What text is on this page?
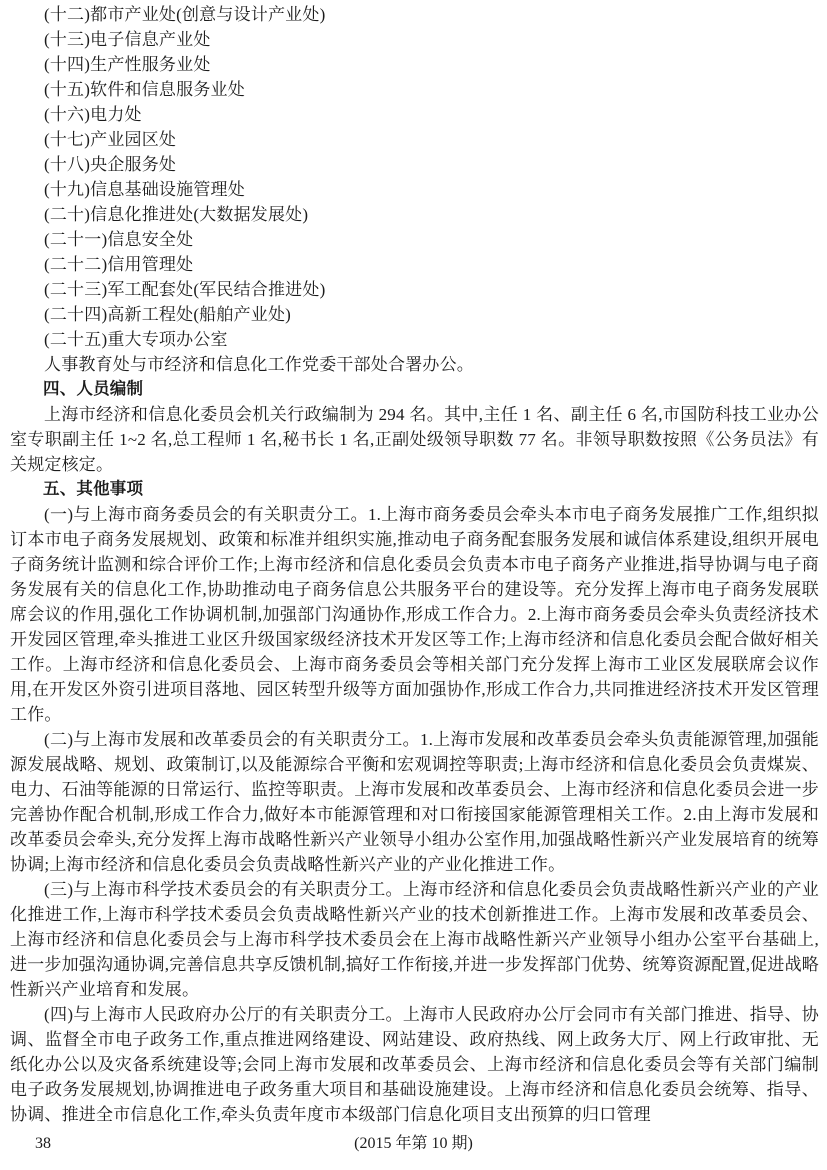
(十二)都市产业处(创意与设计产业处)
(十三)电子信息产业处
(十四)生产性服务业处
(十五)软件和信息服务业处
(十六)电力处
(十七)产业园区处
(十八)央企服务处
(十九)信息基础设施管理处
(二十)信息化推进处(大数据发展处)
(二十一)信息安全处
(二十二)信用管理处
(二十三)军工配套处(军民结合推进处)
(二十四)高新工程处(船舶产业处)
(二十五)重大专项办公室
人事教育处与市经济和信息化工作党委干部处合署办公。
四、人员编制
上海市经济和信息化委员会机关行政编制为 294 名。其中,主任 1 名、副主任 6 名,市国防科技工业办公室专职副主任 1~2 名,总工程师 1 名,秘书长 1 名,正副处级领导职数 77 名。非领导职数按照《公务员法》有关规定核定。
五、其他事项
(一)与上海市商务委员会的有关职责分工。1.上海市商务委员会牵头本市电子商务发展推广工作,组织拟订本市电子商务发展规划、政策和标准并组织实施,推动电子商务配套服务发展和诚信体系建设,组织开展电子商务统计监测和综合评价工作;上海市经济和信息化委员会负责本市电子商务产业推进,指导协调与电子商务发展有关的信息化工作,协助推动电子商务信息公共服务平台的建设等。充分发挥上海市电子商务发展联席会议的作用,强化工作协调机制,加强部门沟通协作,形成工作合力。2.上海市商务委员会牵头负责经济技术开发园区管理,牵头推进工业区升级国家级经济技术开发区等工作;上海市经济和信息化委员会配合做好相关工作。上海市经济和信息化委员会、上海市商务委员会等相关部门充分发挥上海市工业区发展联席会议作用,在开发区外资引进项目落地、园区转型升级等方面加强协作,形成工作合力,共同推进经济技术开发区管理工作。
(二)与上海市发展和改革委员会的有关职责分工。1.上海市发展和改革委员会牵头负责能源管理,加强能源发展战略、规划、政策制订,以及能源综合平衡和宏观调控等职责;上海市经济和信息化委员会负责煤炭、电力、石油等能源的日常运行、监控等职责。上海市发展和改革委员会、上海市经济和信息化委员会进一步完善协作配合机制,形成工作合力,做好本市能源管理和对口衔接国家能源管理相关工作。2.由上海市发展和改革委员会牵头,充分发挥上海市战略性新兴产业领导小组办公室作用,加强战略性新兴产业发展培育的统筹协调;上海市经济和信息化委员会负责战略性新兴产业的产业化推进工作。
(三)与上海市科学技术委员会的有关职责分工。上海市经济和信息化委员会负责战略性新兴产业的产业化推进工作,上海市科学技术委员会负责战略性新兴产业的技术创新推进工作。上海市发展和改革委员会、上海市经济和信息化委员会与上海市科学技术委员会在上海市战略性新兴产业领导小组办公室平台基础上,进一步加强沟通协调,完善信息共享反馈机制,搞好工作衔接,并进一步发挥部门优势、统筹资源配置,促进战略性新兴产业培育和发展。
(四)与上海市人民政府办公厅的有关职责分工。上海市人民政府办公厅会同市有关部门推进、指导、协调、监督全市电子政务工作,重点推进网络建设、网站建设、政府热线、网上政务大厅、网上行政审批、无纸化办公以及灾备系统建设等;会同上海市发展和改革委员会、上海市经济和信息化委员会等有关部门编制电子政务发展规划,协调推进电子政务重大项目和基础设施建设。上海市经济和信息化委员会统筹、指导、协调、推进全市信息化工作,牵头负责年度市本级部门信息化项目支出预算的归口管理
38	(2015 年第 10 期)
